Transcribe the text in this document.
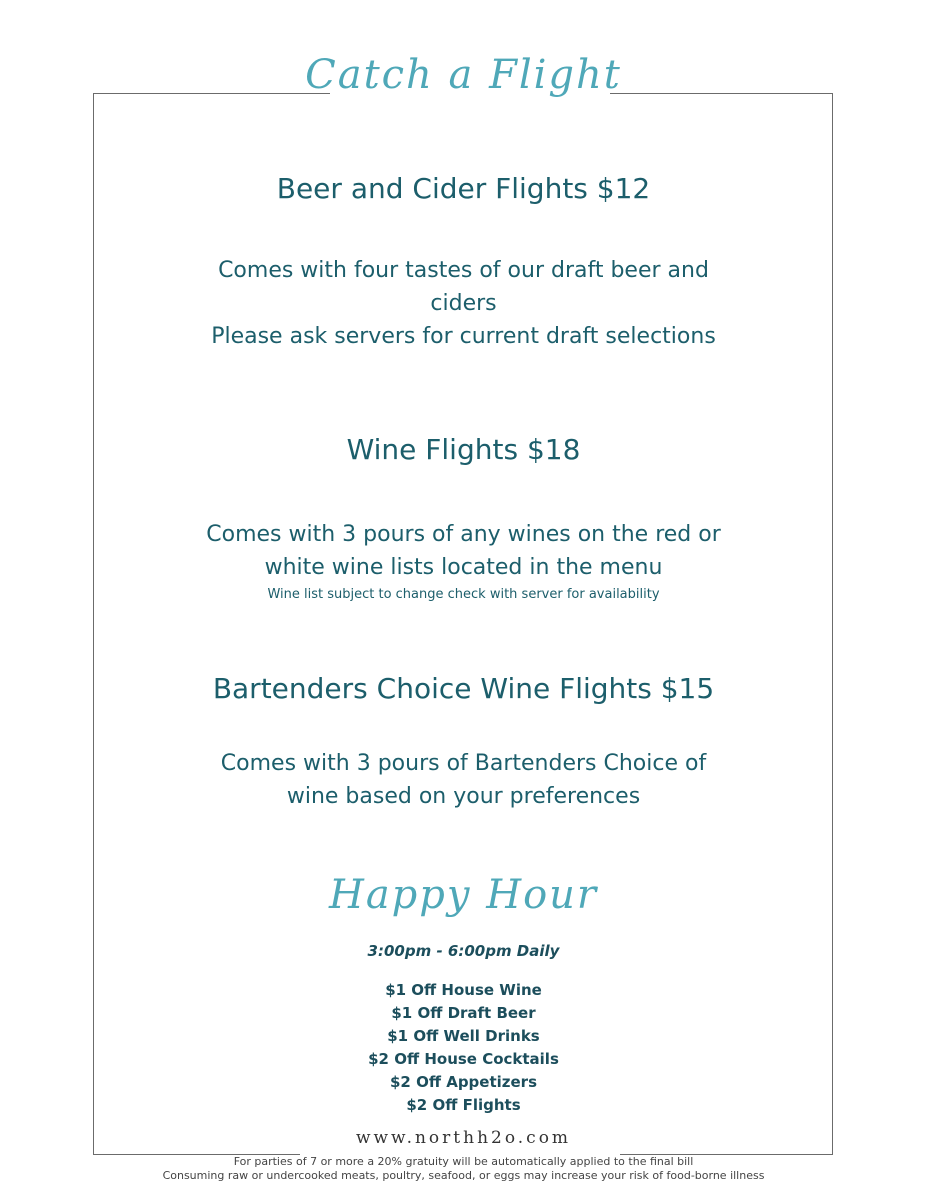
Catch a Flight
Beer and Cider Flights $12
Comes with four tastes of our draft beer and
ciders
Please ask servers for current draft selections
Wine Flights $18
Comes with 3 pours of any wines on the red or
white wine lists located in the menu
Wine list subject to change check with server for availability
Bartenders Choice Wine Flights $15
Comes with 3 pours of Bartenders Choice of
wine based on your preferences
Happy Hour
3:00pm - 6:00pm Daily
$1 Off House Wine
$1 Off Draft Beer
$1 Off Well Drinks
$2 Off House Cocktails
$2 Off Appetizers
$2 Off Flights
www.northh2o.com
For parties of 7 or more a 20% gratuity will be automatically applied to the final bill
Consuming raw or undercooked meats, poultry, seafood, or eggs may increase your risk of food-borne illness
